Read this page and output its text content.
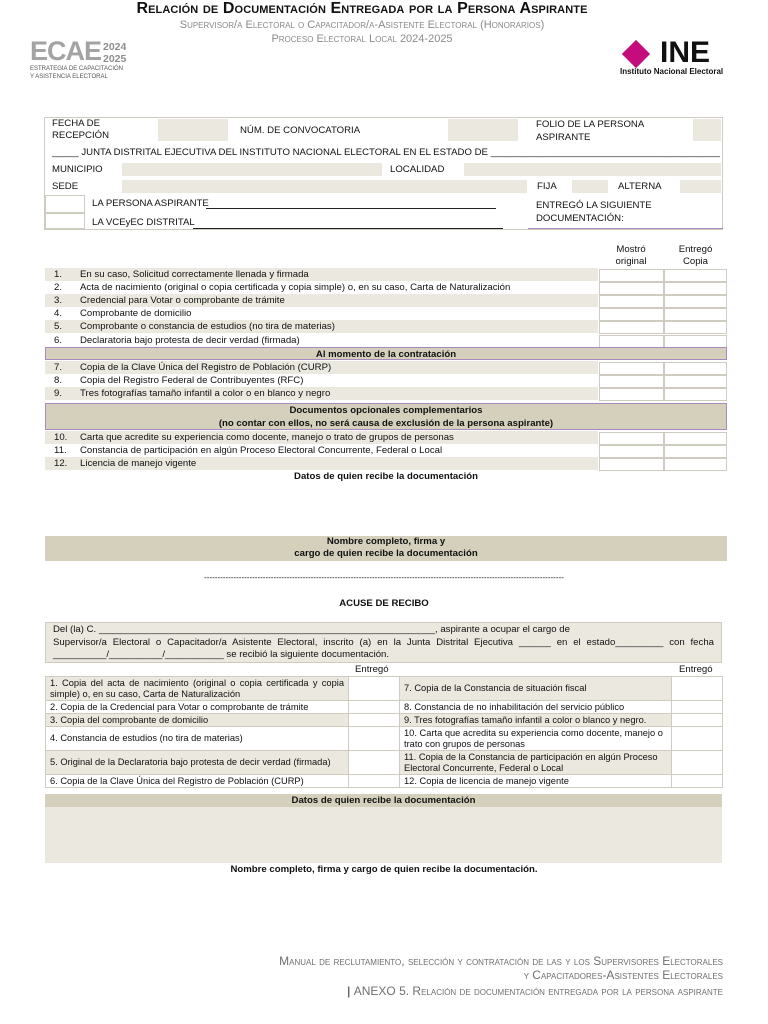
Relación de Documentación Entregada por la Persona Aspirante
Supervisor/a Electoral o Capacitador/a-Asistente Electoral (Honorarios)
Proceso Electoral Local 2024-2025
ECAE 2024
2025
ESTRATEGIA DE CAPACITACIÓN
Y ASISTENCIA ELECTORAL
INE
Instituto Nacional Electoral
FECHA DE
RECEPCIÓN	NÚM. DE CONVOCATORIA
FOLIO DE LA PERSONA
ASPIRANTE
_____ JUNTA DISTRITAL EJECUTIVA DEL INSTITUTO NACIONAL ELECTORAL EN EL ESTADO DE ___________________________________________
MUNICIPIO	LOCALIDAD
SEDE	FIJA	ALTERNA
LA PERSONA ASPIRANTE
LA VCEyEC DISTRITAL
ENTREGÓ LA SIGUIENTE
DOCUMENTACIÓN:
Mostró
original
Entregó
Copia
1. En su caso, Solicitud correctamente llenada y firmada
2. Acta de nacimiento (original o copia certificada y copia simple) o, en su caso, Carta de Naturalización
3. Credencial para Votar o comprobante de trámite
4. Comprobante de domicilio
5. Comprobante o constancia de estudios (no tira de materias)
6. Declaratoria bajo protesta de decir verdad (firmada)
Al momento de la contratación
7. Copia de la Clave Única del Registro de Población (CURP)
8. Copia del Registro Federal de Contribuyentes (RFC)
9. Tres fotografías tamaño infantil a color o en blanco y negro
Documentos opcionales complementarios
(no contar con ellos, no será causa de exclusión de la persona aspirante)
10. Carta que acredite su experiencia como docente, manejo o trato de grupos de personas
11. Constancia de participación en algún Proceso Electoral Concurrente, Federal o Local
12. Licencia de manejo vigente
Datos de quien recibe la documentación
Nombre completo, firma y
cargo de quien recibe la documentación
---------------------------------------------------------------------------------------------------------------------------------------
ACUSE DE RECIBO
Del (la) C. _______________________________________________________________, aspirante a ocupar el cargo de
Supervisor/a Electoral o Capacitador/a Asistente Electoral, inscrito (a) en la Junta Distrital Ejecutiva ______ en el estado_________ con fecha
__________/__________/___________ se recibió la siguiente documentación.
Entregó	Entregó
1. Copia del acta de nacimiento (original o copia certificada y copia simple) o, en su caso, Carta de Naturalización		7. Copia de la Constancia de situación fiscal	
2. Copia de la Credencial para Votar o comprobante de trámite		8. Constancia de no inhabilitación del servicio público	
3. Copia del comprobante de domicilio		9. Tres fotografías tamaño infantil a color o blanco y negro.	
4. Constancia de estudios (no tira de materias)		10. Carta que acredita su experiencia como docente, manejo o trato con grupos de personas	
5. Original de la Declaratoria bajo protesta de decir verdad (firmada)		11. Copia de la Constancia de participación en algún Proceso Electoral Concurrente, Federal o Local	
6. Copia de la Clave Única del Registro de Población (CURP)		12. Copia de licencia de manejo vigente	
Datos de quien recibe la documentación
Nombre completo, firma y cargo de quien recibe la documentación.
Manual de reclutamiento, selección y contratación de las y los Supervisores Electorales
y Capacitadores-Asistentes Electorales
| ANEXO 5. Relación de documentación entregada por la persona aspirante
